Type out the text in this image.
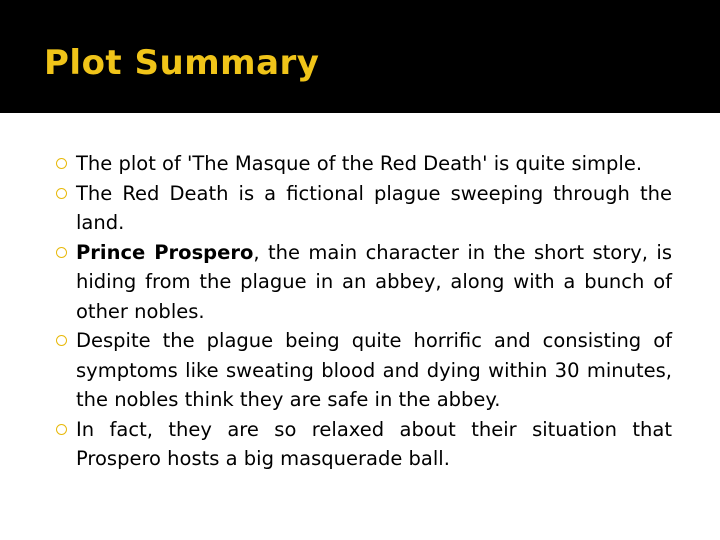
Plot Summary
The plot of 'The Masque of the Red Death' is quite simple.
The Red Death is a fictional plague sweeping through the land.
Prince Prospero, the main character in the short story, is hiding from the plague in an abbey, along with a bunch of other nobles.
Despite the plague being quite horrific and consisting of symptoms like sweating blood and dying within 30 minutes, the nobles think they are safe in the abbey.
In fact, they are so relaxed about their situation that Prospero hosts a big masquerade ball.
